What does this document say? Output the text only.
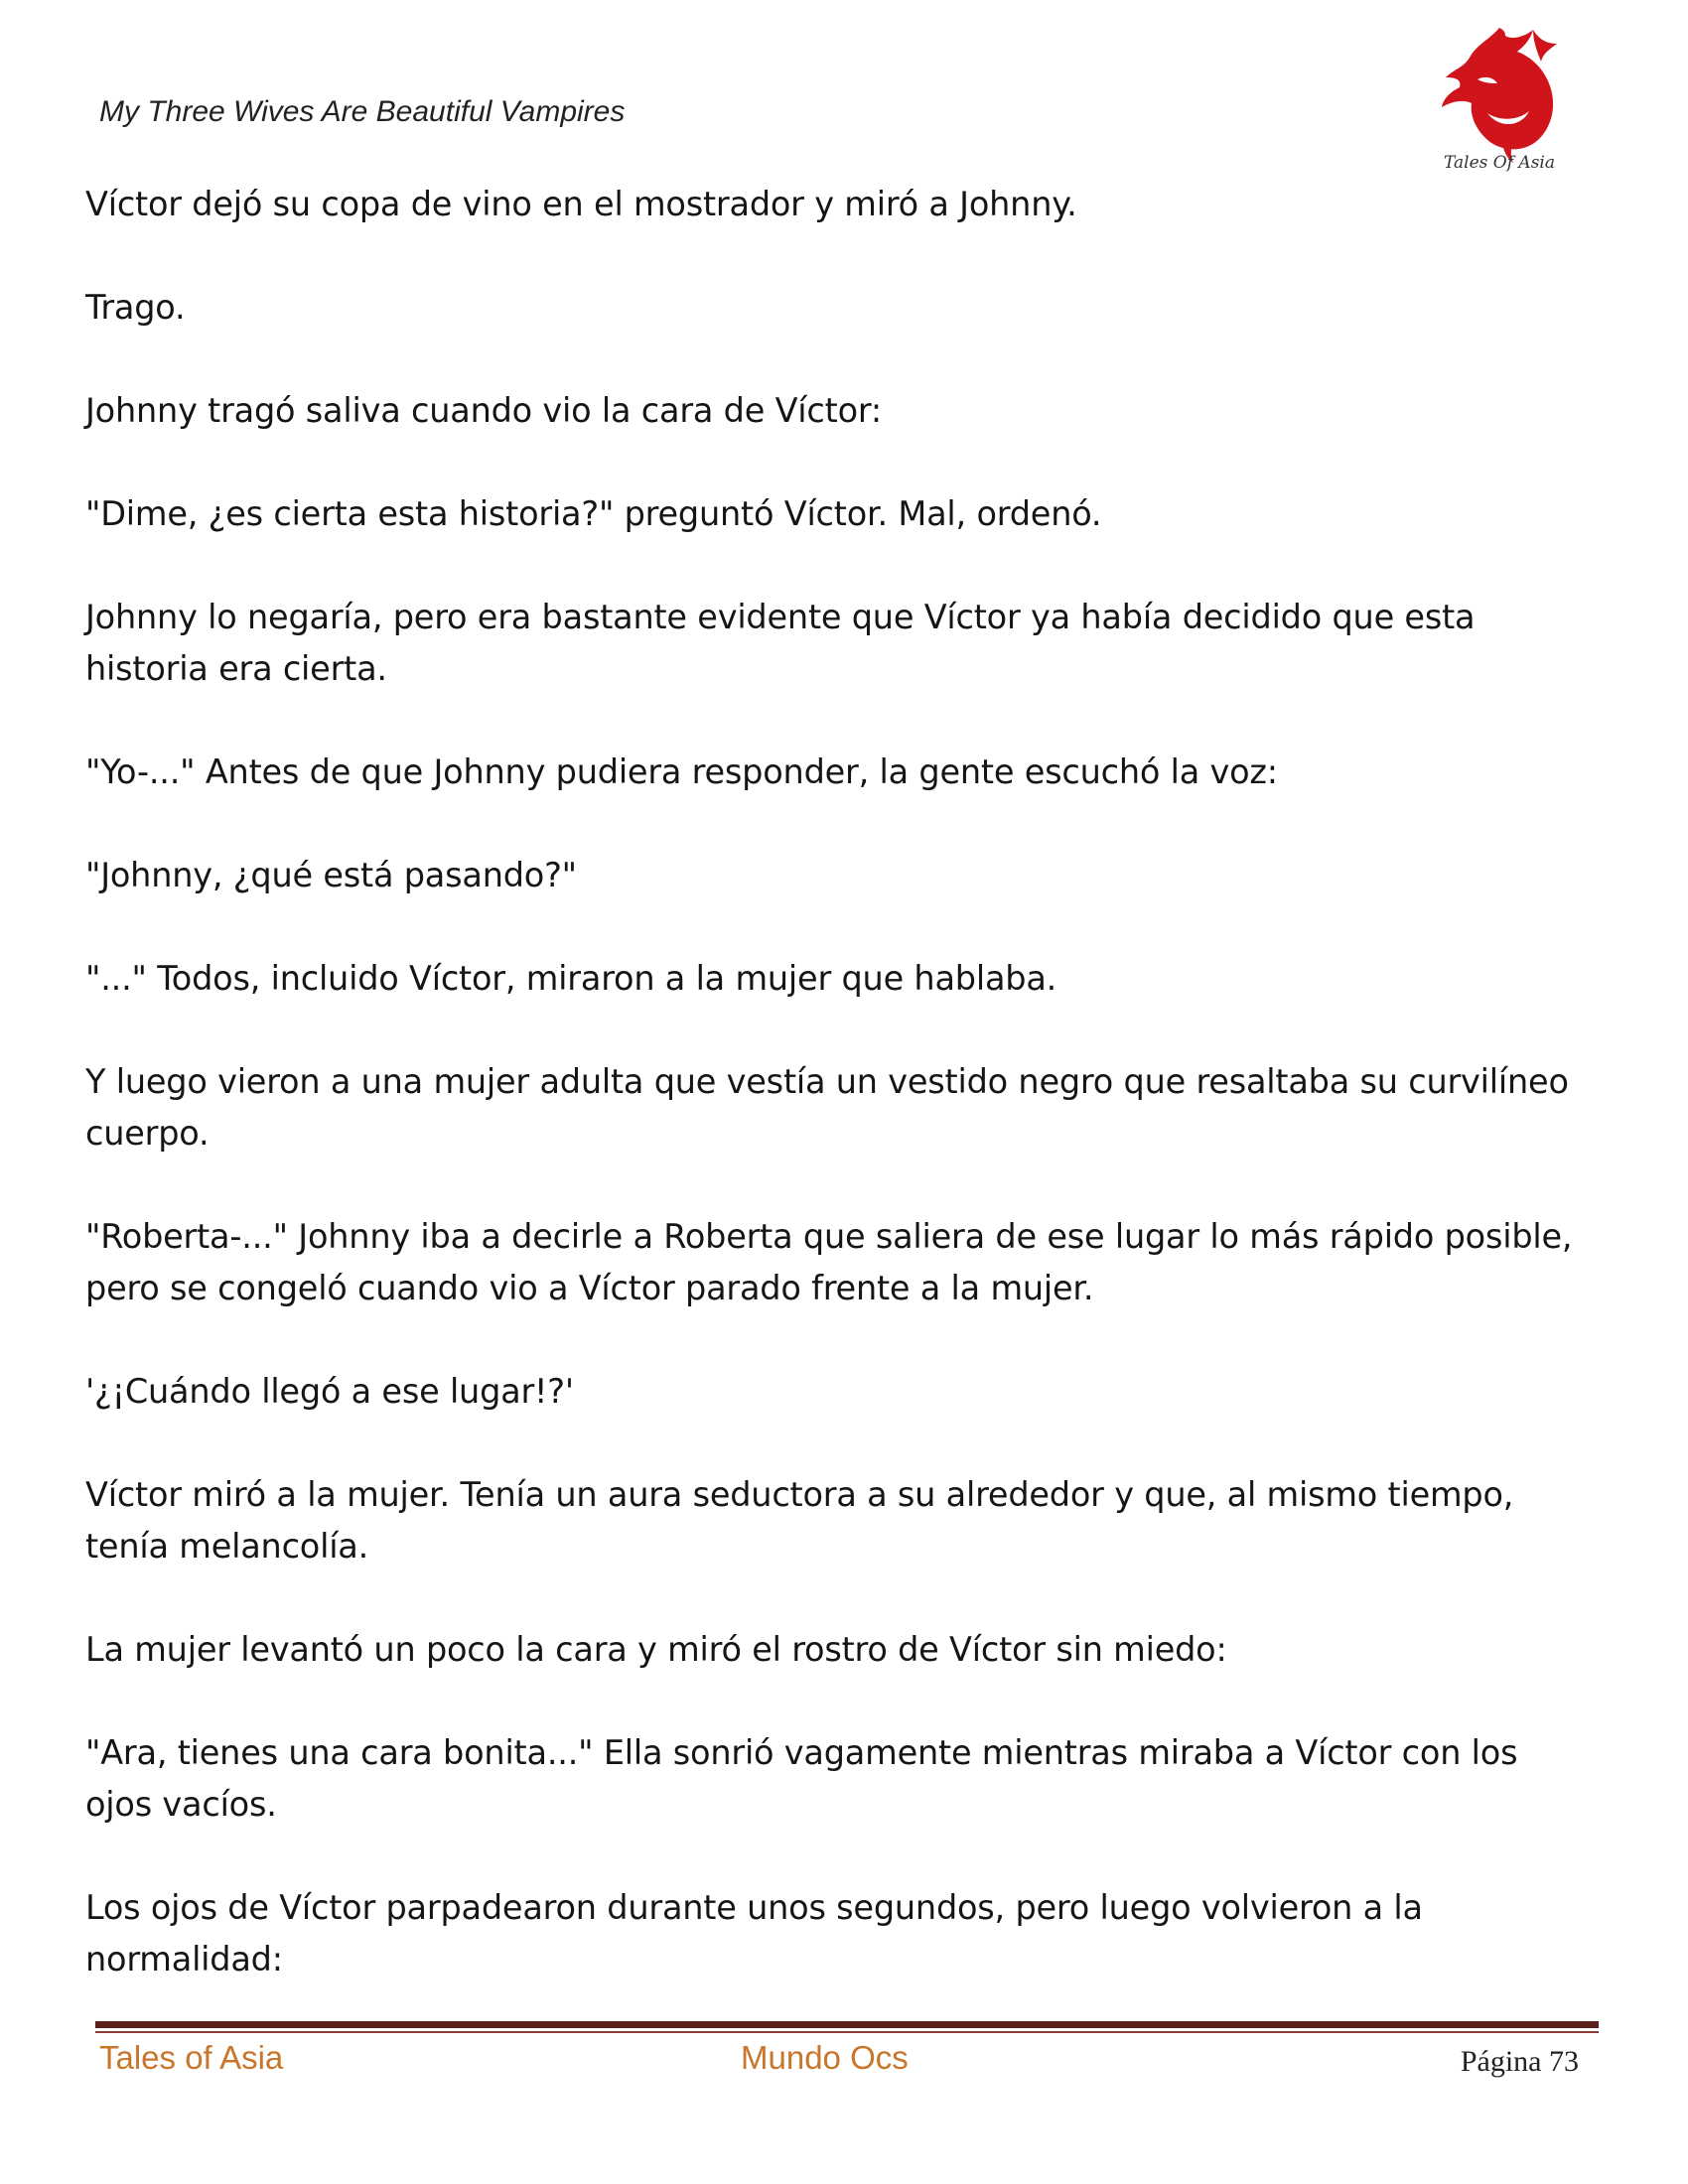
My Three Wives Are Beautiful Vampires

Tales Of Asia

Víctor dejó su copa de vino en el mostrador y miró a Johnny.

Trago.

Johnny tragó saliva cuando vio la cara de Víctor:

"Dime, ¿es cierta esta historia?" preguntó Víctor. Mal, ordenó.

Johnny lo negaría, pero era bastante evidente que Víctor ya había decidido que esta historia era cierta.

"Yo-..." Antes de que Johnny pudiera responder, la gente escuchó la voz:

"Johnny, ¿qué está pasando?"

"..." Todos, incluido Víctor, miraron a la mujer que hablaba.

Y luego vieron a una mujer adulta que vestía un vestido negro que resaltaba su curvilíneo cuerpo.

"Roberta-..." Johnny iba a decirle a Roberta que saliera de ese lugar lo más rápido posible, pero se congeló cuando vio a Víctor parado frente a la mujer.

'¿¡Cuándo llegó a ese lugar!?'

Víctor miró a la mujer. Tenía un aura seductora a su alrededor y que, al mismo tiempo, tenía melancolía.

La mujer levantó un poco la cara y miró el rostro de Víctor sin miedo:

"Ara, tienes una cara bonita..." Ella sonrió vagamente mientras miraba a Víctor con los ojos vacíos.

Los ojos de Víctor parpadearon durante unos segundos, pero luego volvieron a la normalidad:

Tales of Asia	Mundo Ocs	Página 73
